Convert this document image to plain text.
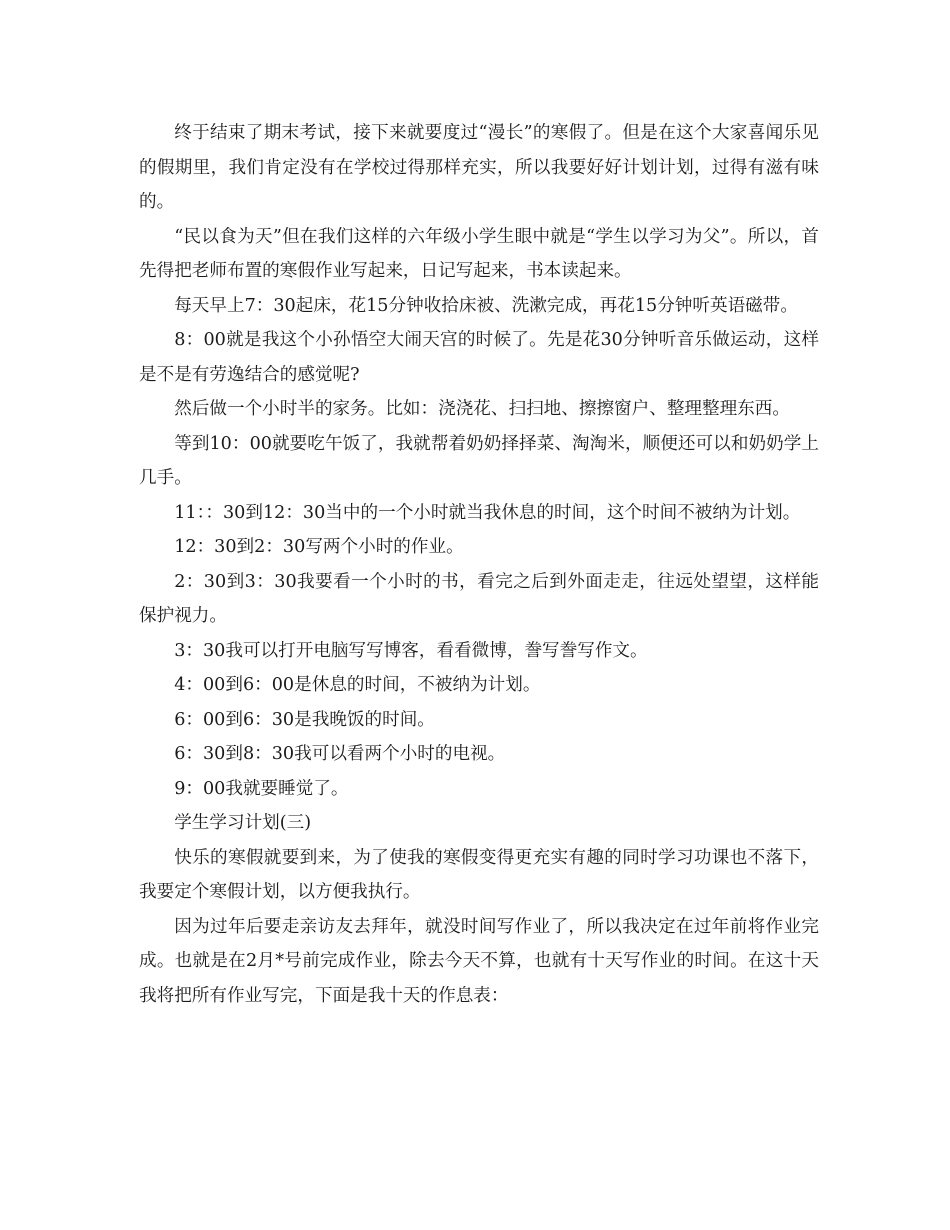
终于结束了期末考试，接下来就要度过“漫长”的寒假了。但是在这个大家喜闻乐见的假期里，我们肯定没有在学校过得那样充实，所以我要好好计划计划，过得有滋有味的。

“民以食为天”但在我们这样的六年级小学生眼中就是“学生以学习为父”。所以，首先得把老师布置的寒假作业写起来，日记写起来，书本读起来。

每天早上7：30起床，花15分钟收拾床被、洗漱完成，再花15分钟听英语磁带。

8：00就是我这个小孙悟空大闹天宫的时候了。先是花30分钟听音乐做运动，这样是不是有劳逸结合的感觉呢?

然后做一个小时半的家务。比如：浇浇花、扫扫地、擦擦窗户、整理整理东西。

等到10：00就要吃午饭了，我就帮着奶奶择择菜、淘淘米，顺便还可以和奶奶学上几手。

11：：30到12：30当中的一个小时就当我休息的时间，这个时间不被纳为计划。

12：30到2：30写两个小时的作业。

2：30到3：30我要看一个小时的书，看完之后到外面走走，往远处望望，这样能保护视力。

3：30我可以打开电脑写写博客，看看微博，誊写誊写作文。

4：00到6：00是休息的时间，不被纳为计划。

6：00到6：30是我晚饭的时间。

6：30到8：30我可以看两个小时的电视。

9：00我就要睡觉了。

学生学习计划(三)

快乐的寒假就要到来，为了使我的寒假变得更充实有趣的同时学习功课也不落下，我要定个寒假计划，以方便我执行。

因为过年后要走亲访友去拜年，就没时间写作业了，所以我决定在过年前将作业完成。也就是在2月*号前完成作业，除去今天不算，也就有十天写作业的时间。在这十天我将把所有作业写完，下面是我十天的作息表：
